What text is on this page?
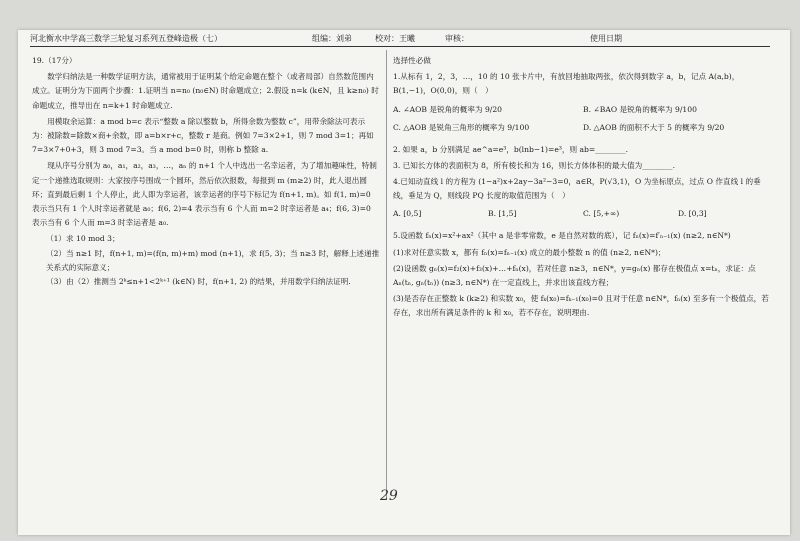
河北衡水中学高三数学三轮复习系列五登峰造极（七）	组编：刘弟	校对：王曦	审核：	使用日期

19.（17分）

数学归纳法是一种数学证明方法，通常被用于证明某个给定命题在整个（或者局部）自然数范围内成立。证明分为下面两个步骤：1.证明当 n=n₀ (n₀∈N) 时命题成立；2.假设 n=k (k∈N，且 k≥n₀) 时命题成立，推导出在 n=k+1 时命题成立.

用模取余运算：a mod b=c 表示“整数 a 除以整数 b，所得余数为整数 c”，用带余除法可表示为：被除数=除数×商+余数，即 a=b×r+c，整数 r 是商。例如 7=3×2+1，则 7 mod 3=1；再如 7=3×7+0+3，则 3 mod 7=3。当 a mod b=0 时，则称 b 整除 a.

现从序号分别为 a₀，a₁，a₂，a₃，…，aₙ 的 n+1 个人中选出一名幸运者，为了增加趣味性，特制定一个递推选取规则：大家按序号围成一个圆环，然后依次报数，每报到 m (m≥2) 时，此人退出圆环；直到最后剩 1 个人停止，此人即为幸运者，该幸运者的序号下标记为 f(n+1, m)。如 f(1, m)=0 表示当只有 1 个人时幸运者就是 a₀；f(6, 2)=4 表示当有 6 个人而 m=2 时幸运者是 a₄；f(6, 3)=0 表示当有 6 个人而 m=3 时幸运者是 a₀.

（1）求 10 mod 3；

（2）当 n≥1 时，f(n+1, m)=(f(n, m)+m) mod (n+1)，求 f(5, 3)；当 n≥3 时，解释上述递推关系式的实际意义；

（3）由（2）推测当 2ᵏ≤n+1<2ᵏ⁺¹ (k∈N) 时，f(n+1, 2) 的结果，并用数学归纳法证明.

选择性必做

1.从标有 1，2，3，…，10 的 10 张卡片中，有放回地抽取两张，依次得到数字 a，b，记点 A(a,b)，B(1,−1)，O(0,0)，则（　）

A. ∠AOB 是锐角的概率为 9/20	B. ∠BAO 是锐角的概率为 9/100
C. △AOB 是锐角三角形的概率为 9/100	D. △AOB 的面积不大于 5 的概率为 9/20

2. 如果 a，b 分别满足 ae^a=e³，b(lnb−1)=e³，则 ab=________.

3. 已知长方体的表面积为 8，所有棱长和为 16，则长方体体积的最大值为________.

4.已知动直线 l 的方程为 (1−a²)x+2ay−3a²−3=0，a∈R，P(√3,1)，O 为坐标原点，过点 O 作直线 l 的垂线，垂足为 Q，则线段 PQ 长度的取值范围为（　）

A. [0,5]	B. [1,5]	C. [5,+∞)	D. [0,3]

5.设函数 fₙ(x)=x²+ax²（其中 a 是非零常数，e 是自然对数的底），记 fₙ(x)=f′ₙ₋₁(x) (n≥2, n∈N*)

(1)求对任意实数 x，都有 fₙ(x)=fₙ₋₁(x) 成立的最小整数 n 的值 (n≥2, n∈N*)；

(2)设函数 gₙ(x)=f₂(x)+f₃(x)+…+fₙ(x)，若对任意 n≥3，n∈N*，y=gₙ(x) 都存在极值点 x=tₙ，求证：点 Aₙ(tₙ, gₙ(tₙ)) (n≥3, n∈N*) 在一定直线上，并求出该直线方程；

(3)是否存在正整数 k (k≥2) 和实数 x₀，使 fₖ(x₀)=fₖ₋₁(x₀)=0 且对于任意 n∈N*，fₙ(x) 至多有一个极值点，若存在，求出所有满足条件的 k 和 x₀，若不存在，说明理由.

29
